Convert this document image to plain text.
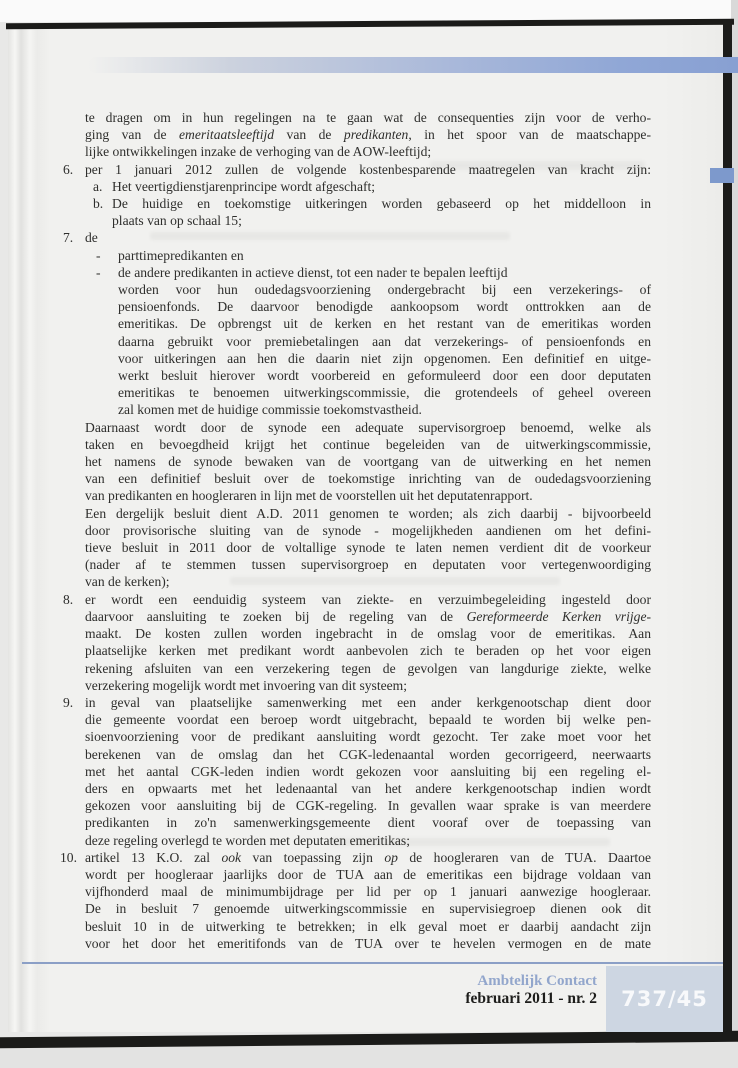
te dragen om in hun regelingen na te gaan wat de consequenties zijn voor de verho-
ging van de emeritaatsleeftijd van de predikanten, in het spoor van de maatschappe-
lijke ontwikkelingen inzake de verhoging van de AOW-leeftijd;
6. per 1 januari 2012 zullen de volgende kostenbesparende maatregelen van kracht zijn:
a. Het veertigdienstjarenprincipe wordt afgeschaft;
b. De huidige en toekomstige uitkeringen worden gebaseerd op het middelloon in
plaats van op schaal 15;
7. de
- parttimepredikanten en
- de andere predikanten in actieve dienst, tot een nader te bepalen leeftijd
worden voor hun oudedagsvoorziening ondergebracht bij een verzekerings- of
pensioenfonds. De daarvoor benodigde aankoopsom wordt onttrokken aan de
emeritikas. De opbrengst uit de kerken en het restant van de emeritikas worden
daarna gebruikt voor premiebetalingen aan dat verzekerings- of pensioenfonds en
voor uitkeringen aan hen die daarin niet zijn opgenomen. Een definitief en uitge-
werkt besluit hierover wordt voorbereid en geformuleerd door een door deputaten
emeritikas te benoemen uitwerkingscommissie, die grotendeels of geheel overeen
zal komen met de huidige commissie toekomstvastheid.
Daarnaast wordt door de synode een adequate supervisorgroep benoemd, welke als
taken en bevoegdheid krijgt het continue begeleiden van de uitwerkingscommissie,
het namens de synode bewaken van de voortgang van de uitwerking en het nemen
van een definitief besluit over de toekomstige inrichting van de oudedagsvoorziening
van predikanten en hoogleraren in lijn met de voorstellen uit het deputatenrapport.
Een dergelijk besluit dient A.D. 2011 genomen te worden; als zich daarbij - bijvoorbeeld
door provisorische sluiting van de synode - mogelijkheden aandienen om het defini-
tieve besluit in 2011 door de voltallige synode te laten nemen verdient dit de voorkeur
(nader af te stemmen tussen supervisorgroep en deputaten voor vertegenwoordiging
van de kerken);
8. er wordt een eenduidig systeem van ziekte- en verzuimbegeleiding ingesteld door
daarvoor aansluiting te zoeken bij de regeling van de Gereformeerde Kerken vrijge-
maakt. De kosten zullen worden ingebracht in de omslag voor de emeritikas. Aan
plaatselijke kerken met predikant wordt aanbevolen zich te beraden op het voor eigen
rekening afsluiten van een verzekering tegen de gevolgen van langdurige ziekte, welke
verzekering mogelijk wordt met invoering van dit systeem;
9. in geval van plaatselijke samenwerking met een ander kerkgenootschap dient door
die gemeente voordat een beroep wordt uitgebracht, bepaald te worden bij welke pen-
sioenvoorziening voor de predikant aansluiting wordt gezocht. Ter zake moet voor het
berekenen van de omslag dan het CGK-ledenaantal worden gecorrigeerd, neerwaarts
met het aantal CGK-leden indien wordt gekozen voor aansluiting bij een regeling el-
ders en opwaarts met het ledenaantal van het andere kerkgenootschap indien wordt
gekozen voor aansluiting bij de CGK-regeling. In gevallen waar sprake is van meerdere
predikanten in zo'n samenwerkingsgemeente dient vooraf over de toepassing van
deze regeling overlegd te worden met deputaten emeritikas;
10. artikel 13 K.O. zal ook van toepassing zijn op de hoogleraren van de TUA. Daartoe
wordt per hoogleraar jaarlijks door de TUA aan de emeritikas een bijdrage voldaan van
vijfhonderd maal de minimumbijdrage per lid per op 1 januari aanwezige hoogleraar.
De in besluit 7 genoemde uitwerkingscommissie en supervisiegroep dienen ook dit
besluit 10 in de uitwerking te betrekken; in elk geval moet er daarbij aandacht zijn
voor het door het emeritifonds van de TUA over te hevelen vermogen en de mate
Ambtelijk Contact
februari 2011 - nr. 2 737/45
